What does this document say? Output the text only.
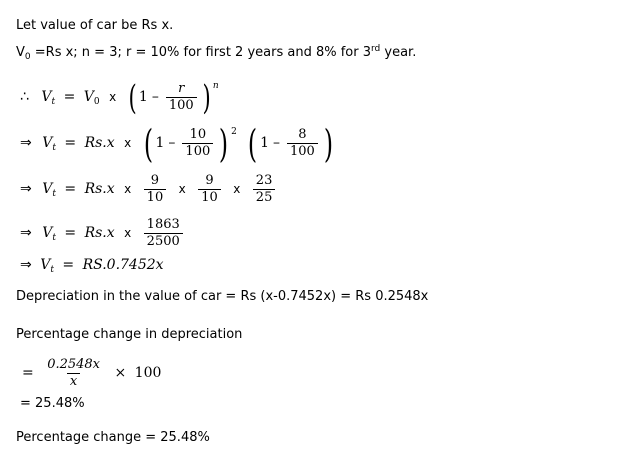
Let value of car be Rs x.
$V_0 =Rs$ x; n = 3; r = 10% for first 2 years and 8% for 3rd year.
∴ $V_t = V_0$ x ( $1 - \frac{r}{100}$ ) n
⇒ $V_t = Rs.x$ x ( $1 - \frac{10}{100}$ ) 2
( $1 - \frac{8}{100}$ )
⇒ $V_t = Rs.x$ x $\frac{9}{10}$ x $\frac{9}{10}$ x $\frac{23}{25}$
⇒ $V_t = Rs.x$ x $\frac{1863}{2500}$
⇒ $V_t = RS.0.7452x$
Depreciation in the value of car = Rs (x-0.7452x) = Rs 0.2548x
Percentage change in depreciation
= $\frac{0.2548x}{x} \times 100$
= 25.48%
Percentage change = 25.48%
